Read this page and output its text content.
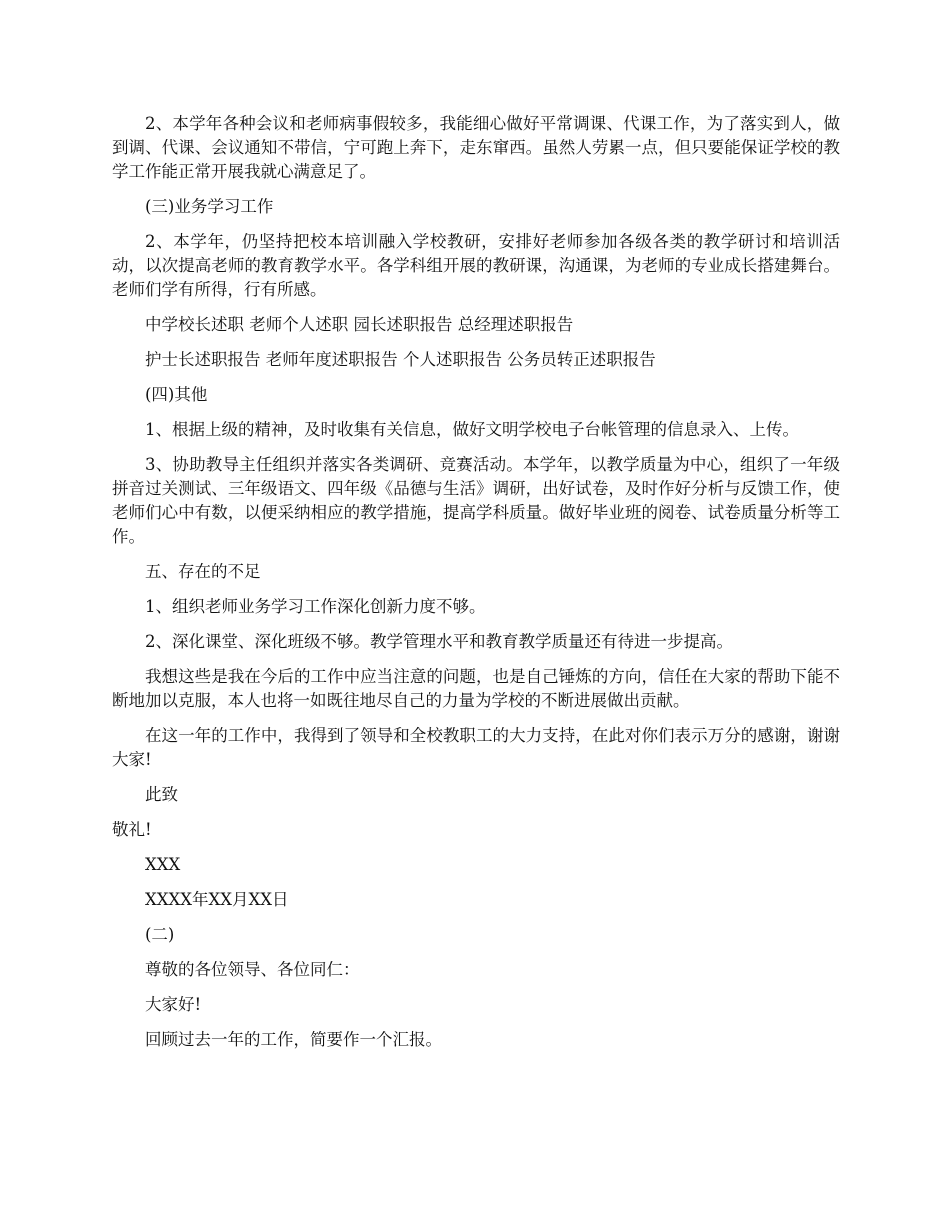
2、本学年各种会议和老师病事假较多，我能细心做好平常调课、代课工作，为了落实到人，做到调、代课、会议通知不带信，宁可跑上奔下，走东窜西。虽然人劳累一点，但只要能保证学校的教学工作能正常开展我就心满意足了。

(三)业务学习工作

2、本学年，仍坚持把校本培训融入学校教研，安排好老师参加各级各类的教学研讨和培训活动，以次提高老师的教育教学水平。各学科组开展的教研课，沟通课，为老师的专业成长搭建舞台。老师们学有所得，行有所感。

中学校长述职 老师个人述职 园长述职报告 总经理述职报告

护士长述职报告 老师年度述职报告 个人述职报告 公务员转正述职报告

(四)其他

1、根据上级的精神，及时收集有关信息，做好文明学校电子台帐管理的信息录入、上传。

3、协助教导主任组织并落实各类调研、竞赛活动。本学年，以教学质量为中心，组织了一年级拼音过关测试、三年级语文、四年级《品德与生活》调研，出好试卷，及时作好分析与反馈工作，使老师们心中有数，以便采纳相应的教学措施，提高学科质量。做好毕业班的阅卷、试卷质量分析等工作。

五、存在的不足

1、组织老师业务学习工作深化创新力度不够。

2、深化课堂、深化班级不够。教学管理水平和教育教学质量还有待进一步提高。

我想这些是我在今后的工作中应当注意的问题，也是自己锤炼的方向，信任在大家的帮助下能不断地加以克服，本人也将一如既往地尽自己的力量为学校的不断进展做出贡献。

在这一年的工作中，我得到了领导和全校教职工的大力支持，在此对你们表示万分的感谢，谢谢大家!

此致

敬礼!

XXX

XXXX年XX月XX日

(二)

尊敬的各位领导、各位同仁：

大家好!

回顾过去一年的工作，简要作一个汇报。
